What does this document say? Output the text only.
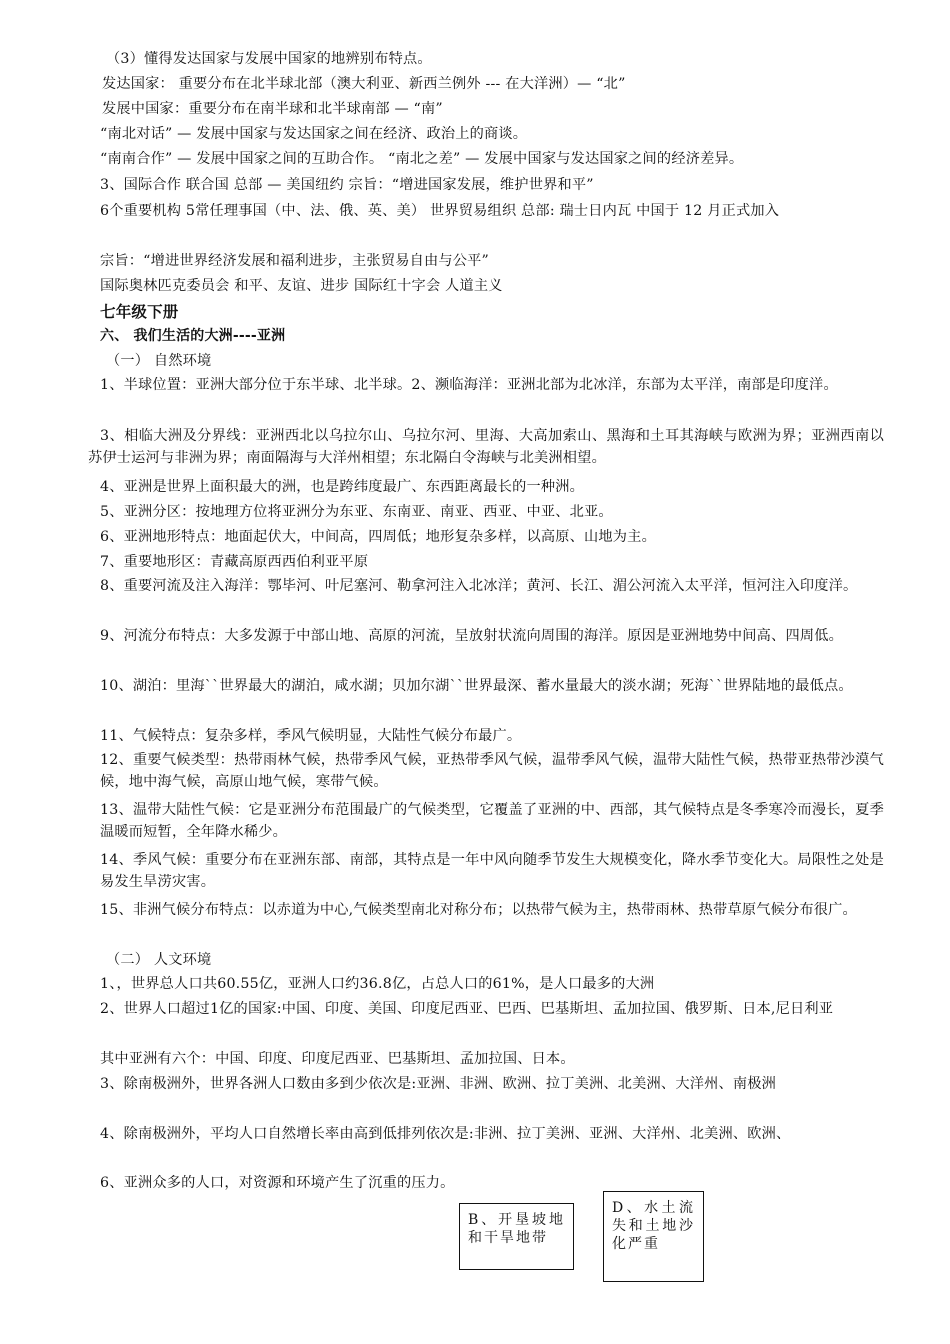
（3）懂得发达国家与发展中国家的地辨别布特点。
发达国家： 重要分布在北半球北部（澳大利亚、新西兰例外 --- 在大洋洲）— “北”
发展中国家：重要分布在南半球和北半球南部 — “南”
“南北对话” — 发展中国家与发达国家之间在经济、政治上的商谈。
“南南合作” — 发展中国家之间的互助合作。 “南北之差” — 发展中国家与发达国家之间的经济差异。
3、国际合作 联合国 总部 — 美国纽约 宗旨：“增进国家发展，维护世界和平”
6个重要机构 5常任理事国（中、法、俄、英、美） 世界贸易组织 总部: 瑞士日内瓦 中国于 12 月正式加入
宗旨：“增进世界经济发展和福利进步，主张贸易自由与公平”
国际奥林匹克委员会 和平、友谊、进步 国际红十字会 人道主义
七年级下册
六、 我们生活的大洲----亚洲
（一） 自然环境
1、半球位置：亚洲大部分位于东半球、北半球。2、濒临海洋：亚洲北部为北冰洋，东部为太平洋，南部是印度洋。
3、相临大洲及分界线：亚洲西北以乌拉尔山、乌拉尔河、里海、大高加索山、黑海和土耳其海峡与欧洲为界；亚洲西南以苏伊士运河与非洲为界；南面隔海与大洋州相望；东北隔白令海峡与北美洲相望。
4、亚洲是世界上面积最大的洲，也是跨纬度最广、东西距离最长的一种洲。
5、亚洲分区：按地理方位将亚洲分为东亚、东南亚、南亚、西亚、中亚、北亚。
6、亚洲地形特点：地面起伏大，中间高，四周低；地形复杂多样，以高原、山地为主。
7、重要地形区：青藏高原西西伯利亚平原
8、重要河流及注入海洋：鄂毕河、叶尼塞河、勒拿河注入北冰洋；黄河、长江、湄公河流入太平洋，恒河注入印度洋。
9、河流分布特点：大多发源于中部山地、高原的河流，呈放射状流向周围的海洋。原因是亚洲地势中间高、四周低。
10、湖泊：里海``世界最大的湖泊，咸水湖；贝加尔湖``世界最深、蓄水量最大的淡水湖；死海``世界陆地的最低点。
11、气候特点：复杂多样，季风气候明显，大陆性气候分布最广。
12、重要气候类型：热带雨林气候，热带季风气候，亚热带季风气候，温带季风气候，温带大陆性气候，热带亚热带沙漠气候，地中海气候，高原山地气候，寒带气候。
13、温带大陆性气候：它是亚洲分布范围最广的气候类型，它覆盖了亚洲的中、西部，其气候特点是冬季寒冷而漫长，夏季温暖而短暂，全年降水稀少。
14、季风气候：重要分布在亚洲东部、南部，其特点是一年中风向随季节发生大规模变化，降水季节变化大。局限性之处是易发生旱涝灾害。
15、非洲气候分布特点：以赤道为中心,气候类型南北对称分布；以热带气候为主，热带雨林、热带草原气候分布很广。
（二） 人文环境
1、，世界总人口共60.55亿，亚洲人口约36.8亿，占总人口的61%，是人口最多的大洲
2、世界人口超过1亿的国家:中国、印度、美国、印度尼西亚、巴西、巴基斯坦、孟加拉国、俄罗斯、日本,尼日利亚
其中亚洲有六个：中国、印度、印度尼西亚、巴基斯坦、孟加拉国、日本。
3、除南极洲外，世界各洲人口数由多到少依次是:亚洲、非洲、欧洲、拉丁美洲、北美洲、大洋州、南极洲
4、除南极洲外，平均人口自然增长率由高到低排列依次是:非洲、拉丁美洲、亚洲、大洋州、北美洲、欧洲、
6、亚洲众多的人口，对资源和环境产生了沉重的压力。
B、开垦坡地和干旱地带
D、水土流失和土地沙化严重
